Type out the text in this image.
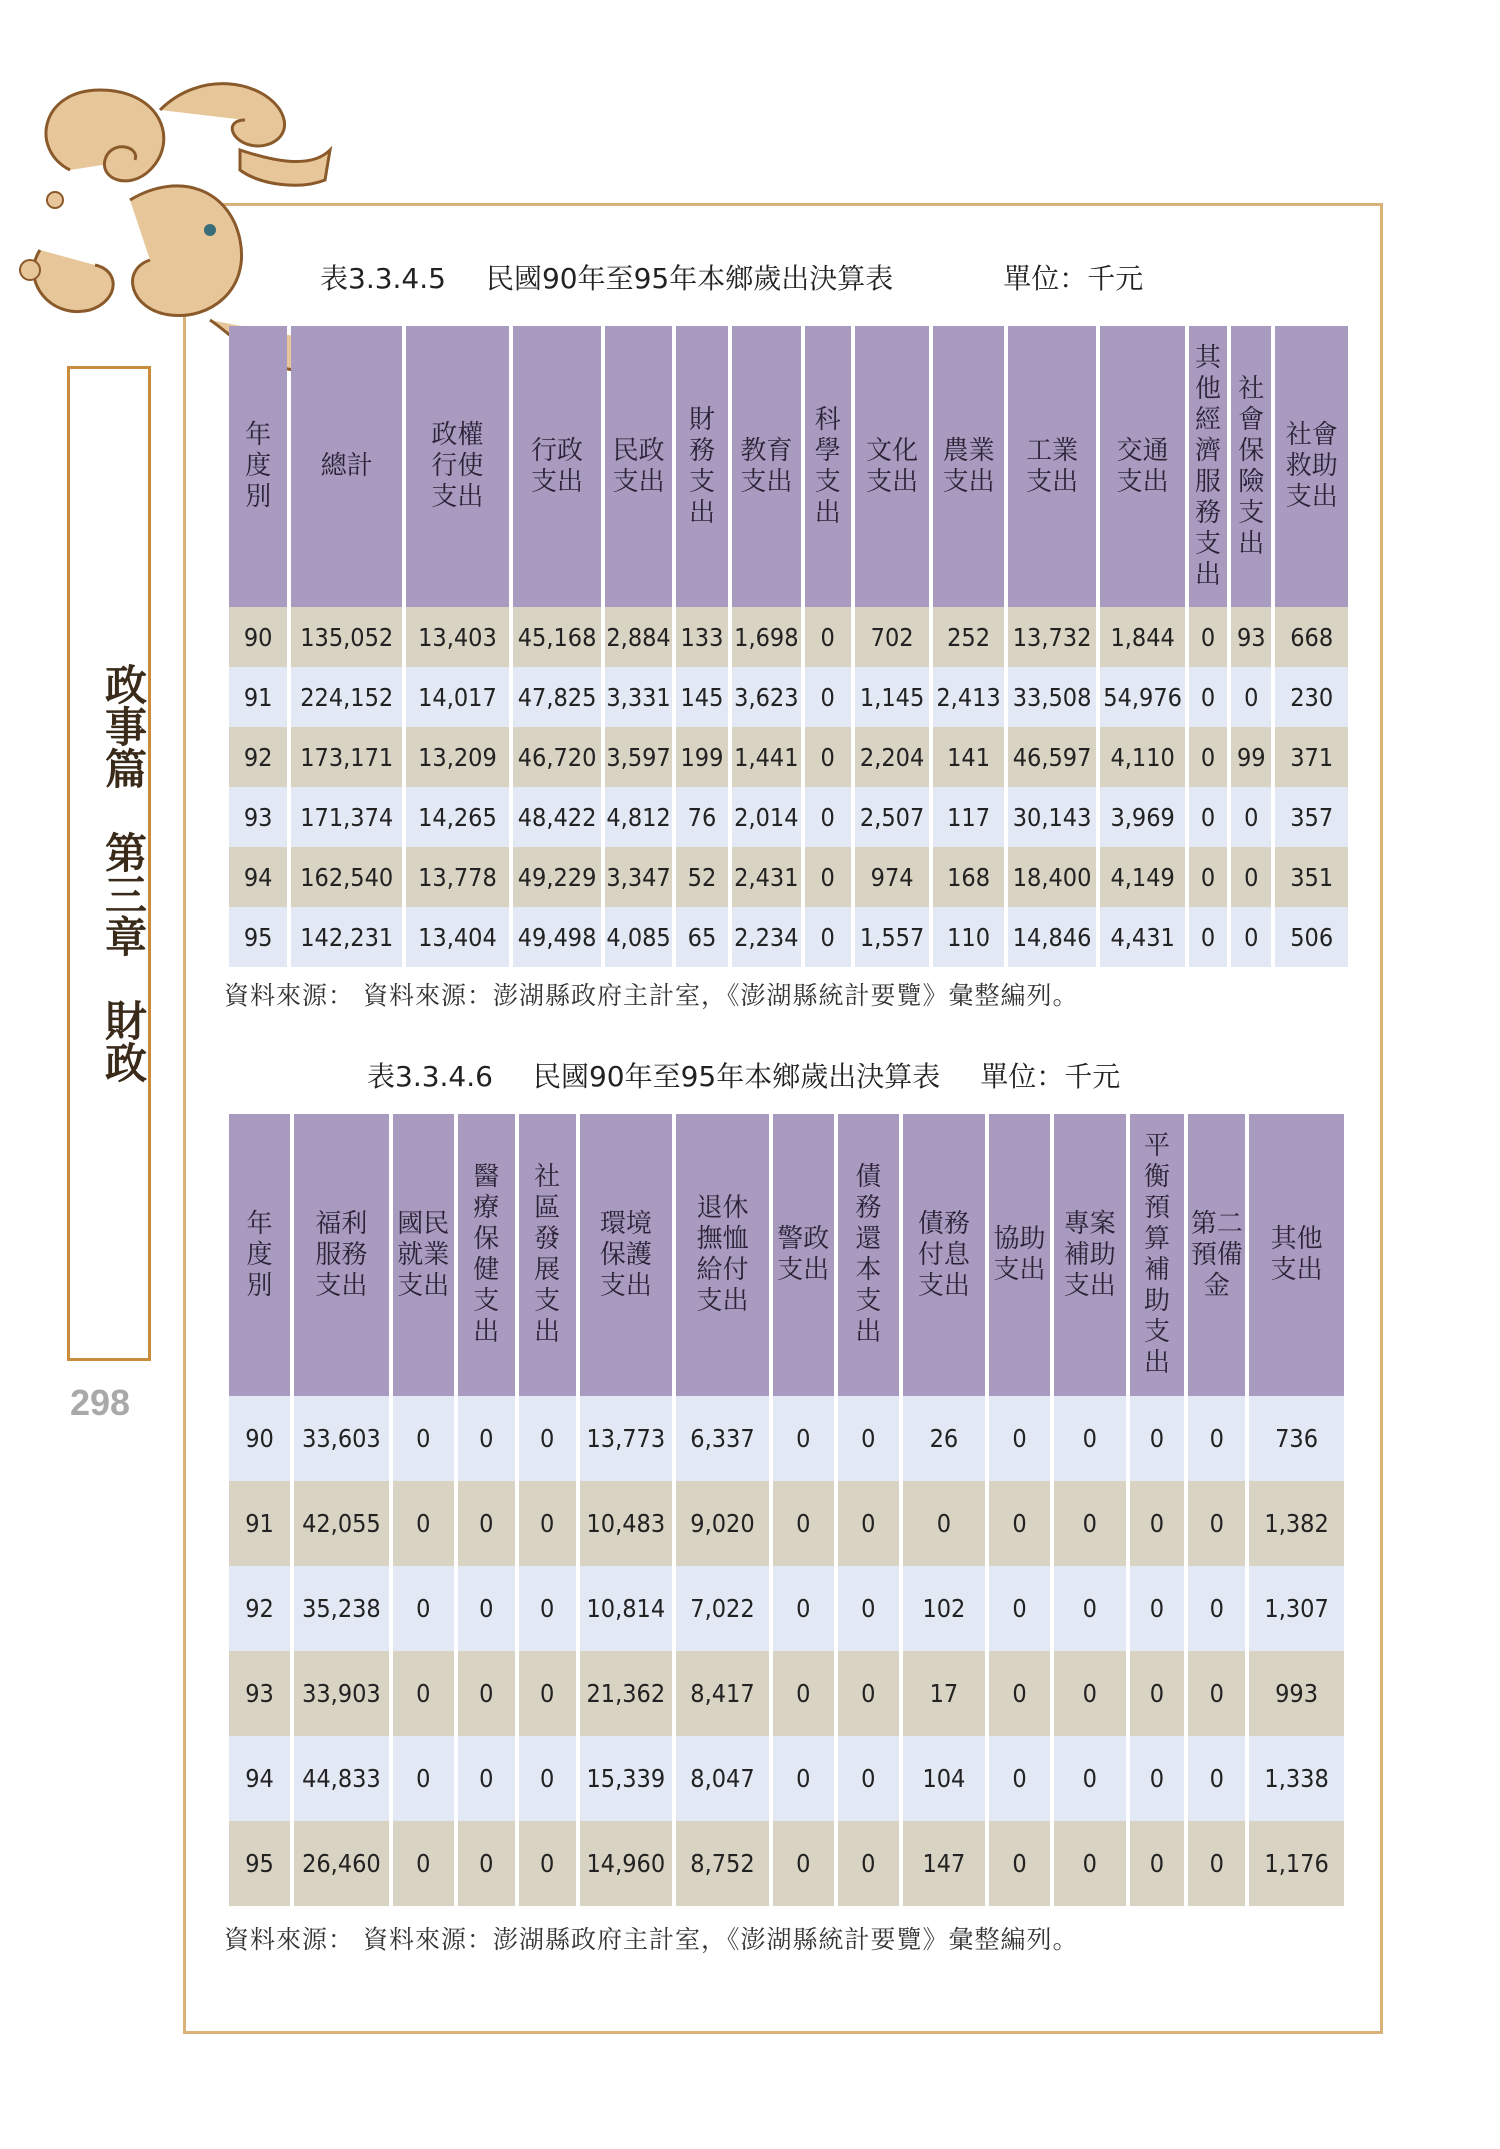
政事篇　第三章　財政
298
表3.3.4.5 民國90年至95年本鄉歲出決算表	單位：千元
年度別	總計	政權行使支出	行政支出	民政支出	財務支出	教育支出	科學支出	文化支出	農業支出	工業支出	交通支出	其他經濟服務支出	社會保險支出	社會救助支出
90	135,052	13,403	45,168	2,884	133	1,698	0	702	252	13,732	1,844	0	93	668
91	224,152	14,017	47,825	3,331	145	3,623	0	1,145	2,413	33,508	54,976	0	0	230
92	173,171	13,209	46,720	3,597	199	1,441	0	2,204	141	46,597	4,110	0	99	371
93	171,374	14,265	48,422	4,812	76	2,014	0	2,507	117	30,143	3,969	0	0	357
94	162,540	13,778	49,229	3,347	52	2,431	0	974	168	18,400	4,149	0	0	351
95	142,231	13,404	49,498	4,085	65	2,234	0	1,557	110	14,846	4,431	0	0	506
資料來源： 資料來源：澎湖縣政府主計室，《澎湖縣統計要覽》彙整編列。
表3.3.4.6 民國90年至95年本鄉歲出決算表 單位：千元
年度別	福利服務支出	國民就業支出	醫療保健支出	社區發展支出	環境保護支出	退休撫恤給付支出	警政支出	債務還本支出	債務付息支出	協助支出	專案補助支出	平衡預算補助支出	第二預備金	其他支出
90	33,603	0	0	0	13,773	6,337	0	0	26	0	0	0	0	736
91	42,055	0	0	0	10,483	9,020	0	0	0	0	0	0	0	1,382
92	35,238	0	0	0	10,814	7,022	0	0	102	0	0	0	0	1,307
93	33,903	0	0	0	21,362	8,417	0	0	17	0	0	0	0	993
94	44,833	0	0	0	15,339	8,047	0	0	104	0	0	0	0	1,338
95	26,460	0	0	0	14,960	8,752	0	0	147	0	0	0	0	1,176
資料來源： 資料來源：澎湖縣政府主計室，《澎湖縣統計要覽》彙整編列。
